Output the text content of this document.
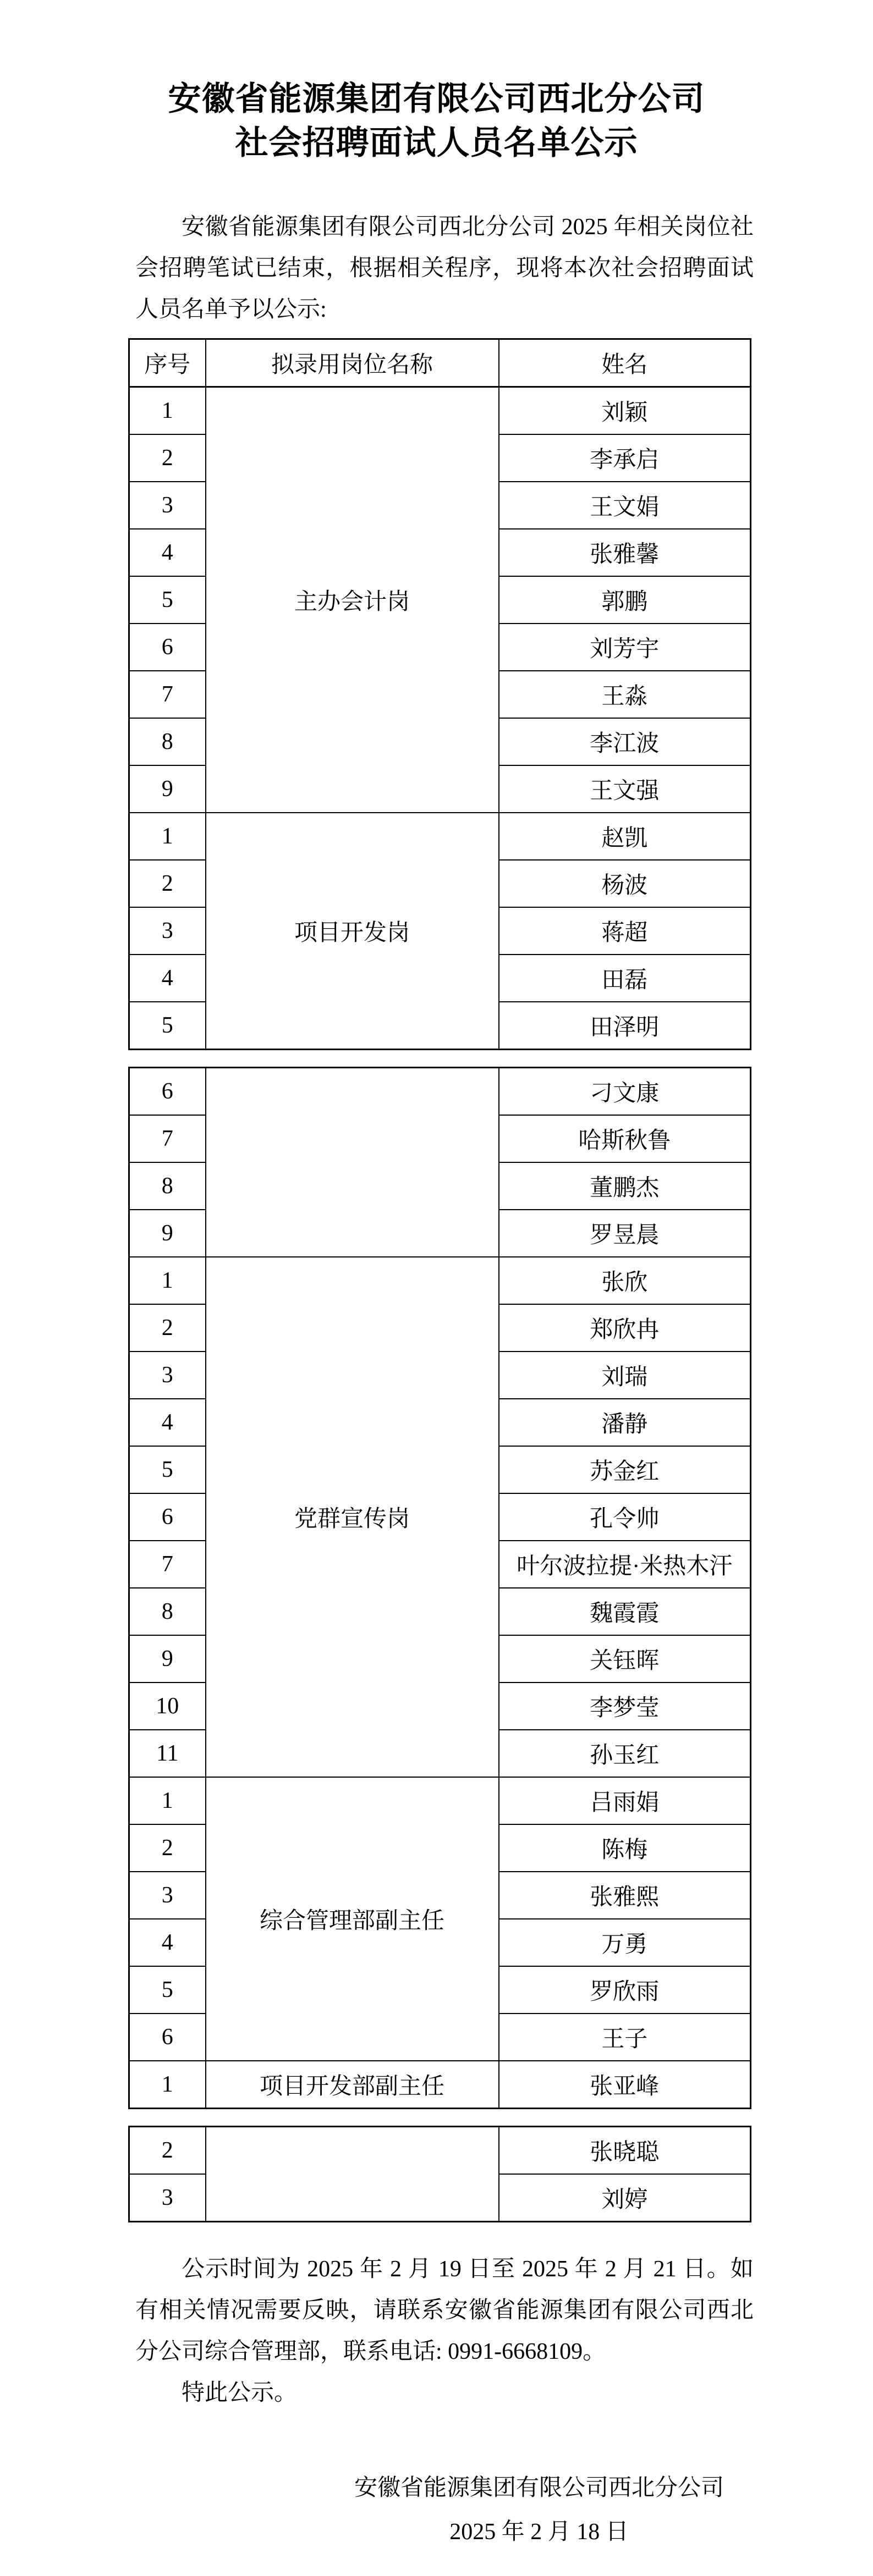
安徽省能源集团有限公司西北分公司
社会招聘面试人员名单公示

安徽省能源集团有限公司西北分公司 2025 年相关岗位社会招聘笔试已结束，根据相关程序，现将本次社会招聘面试人员名单予以公示:

序号	拟录用岗位名称	姓名
1	主办会计岗	刘颖
2		李承启
3		王文娟
4		张雅馨
5		郭鹏
6		刘芳宇
7		王淼
8		李江波
9		王文强
1	项目开发岗	赵凯
2		杨波
3		蒋超
4		田磊
5		田泽明
6		刁文康
7		哈斯秋鲁
8		董鹏杰
9		罗昱晨
1	党群宣传岗	张欣
2		郑欣冉
3		刘瑞
4		潘静
5		苏金红
6		孔令帅
7		叶尔波拉提·米热木汗
8		魏霞霞
9		关钰晖
10		李梦莹
11		孙玉红
1	综合管理部副主任	吕雨娟
2		陈梅
3		张雅熙
4		万勇
5		罗欣雨
6		王子
1	项目开发部副主任	张亚峰
2		张晓聪
3		刘婷

公示时间为 2025 年 2 月 19 日至 2025 年 2 月 21 日。如有相关情况需要反映，请联系安徽省能源集团有限公司西北分公司综合管理部，联系电话: 0991-6668109。

特此公示。

安徽省能源集团有限公司西北分公司
2025 年 2 月 18 日
